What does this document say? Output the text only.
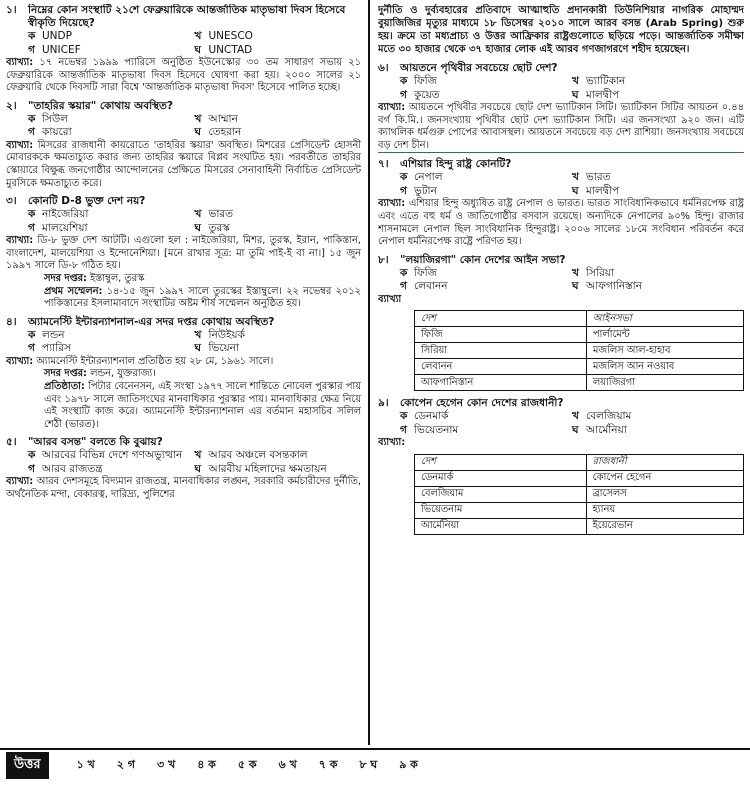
১।	নিম্নের কোন সংস্থাটি ২১শে ফেব্রুয়ারিকে আন্তর্জাতিক মাতৃভাষা দিবস হিসেবে স্বীকৃতি দিয়েছে?
ক UNDP	খ UNESCO
গ UNICEF	ঘ UNCTAD
ব্যাখ্যা: ১৭ নভেম্বর ১৯৯৯ প্যারিসে অনুষ্ঠিত ইউনেস্কোর ৩০ তম সাধারণ সভায় ২১ ফেব্রুয়ারিকে আন্তর্জাতিক মাতৃভাষা দিবস হিসেবে ঘোষণা করা হয়। ২০০০ সালের ২১ ফেব্রুয়ারি থেকে দিবসটি সারা বিশ্বে 'আন্তর্জাতিক মাতৃভাষা দিবস' হিসেবে পালিত হচ্ছে।
২।	"তাহরির স্কয়ার" কোথায় অবস্থিত?
ক সিউল	খ আম্মান
গ কায়রো	ঘ তেহরান
ব্যাখ্যা: মিসরের রাজধানী কায়রোতে 'তাহরির স্কয়ার' অবস্থিত। মিশরের প্রেসিডেন্ট হোসনী মোবারককে ক্ষমতাচ্যুত করার জন্য তাহরির স্কয়ারে বিপ্লব সংঘটিত হয়। পরবর্তীতে তাহরির স্কোয়ারে বিক্ষুব্ধ জনগোষ্ঠীর আন্দোলনের প্রেক্ষিতে মিসরের সেনাবাহিনী নির্বাচিত প্রেসিডেন্ট মুরসিকে ক্ষমতাচ্যুত করে।
৩।	কোনটি D-8 ভুক্ত দেশ নয়?
ক নাইজেরিয়া	খ ভারত
গ মালয়েশিয়া	ঘ তুরস্ক
ব্যাখ্যা: ডি-৮ ভুক্ত দেশ আটটি। এগুলো হল : নাইজেরিয়া, মিশর, তুরস্ক, ইরান, পাকিস্তান, বাংলাদেশ, মালয়েশিয়া ও ইন্দোনেশিয়া। [মনে রাখার সূত্র: মা তুমি পাই-ই বা না।] ১৫ জুন ১৯৯৭ সালে ডি-৮ গঠিত হয়।
সদর দপ্তর: ইস্তাম্বুল, তুরস্ক
প্রথম সম্মেলন: ১৪-১৫ জুন ১৯৯৭ সালে তুরস্কের ইস্তাম্বুলে। ২২ নভেম্বর ২০১২ পাকিস্তানের ইসলামাবাদে সংস্থাটির অষ্টম শীর্ষ সম্মেলন অনুষ্ঠিত হয়।
৪।	অ্যামনেস্টি ইন্টারন্যাশনাল-এর সদর দপ্তর কোথায় অবস্থিত?
ক লন্ডন	খ নিউইয়র্ক
গ প্যারিস	ঘ ভিয়েনা
ব্যাখ্যা: অ্যামনেস্টি ইন্টারন্যাশনাল প্রতিষ্ঠিত হয় ২৮ মে, ১৯৬১ সালে।
সদর দপ্তর: লন্ডন, যুক্তরাজ্য।
প্রতিষ্ঠাতা: পিটার বেনেনসন, এই সংস্থা ১৯৭৭ সালে শান্তিতে নোবেল পুরস্কার পায় এবং ১৯৭৮ সালে জাতিসংঘের মানবাধিকার পুরস্কার পায়। মানবাধিকার ক্ষেত্র নিয়ে এই সংস্থাটি কাজ করে। অ্যামনেস্টি ইন্টারন্যাশনাল এর বর্তমান মহাসচিব সলিল শেঠী (ভারত)।
৫।	"আরব বসন্ত" বলতে কি বুঝায়?
ক আরবের বিভিন্ন দেশে গণঅভ্যুত্থান	খ আরব অঞ্চলে বসন্তকাল
গ আরব রাজতন্ত্র	ঘ আরবীয় মহিলাদের ক্ষমতায়ন
ব্যাখ্যা: আরব দেশসমূহে বিদ্যমান রাজতন্ত্র, মানবাধিকার লঙ্ঘন, সরকারি কর্মচারীদের দুর্নীতি, অর্থনৈতিক মন্দা, বেকারত্ব, দারিদ্র্য, পুলিশের
দুর্নীতি ও দুর্ব্যবহারের প্রতিবাদে আত্মাহুতি প্রদানকারী তিউনিশিয়ার নাগরিক মোহাম্মদ বুয়াজিজির মৃত্যুর মাধ্যমে ১৮ ডিসেম্বর ২০১০ সালে আরব বসন্ত (Arab Spring) শুরু হয়। ক্রমে তা মধ্যপ্রাচ্য ও উত্তর আফ্রিকার রাষ্ট্রগুলোতে ছড়িয়ে পড়ে। আন্তর্জাতিক সমীক্ষা মতে ৩০ হাজার থেকে ৩৭ হাজার লোক এই আরব গণজাগরণে শহীদ হয়েছেন।
৬।	আয়তনে পৃথিবীর সবচেয়ে ছোট দেশ?
ক ফিজি	খ ভ্যাটিকান
গ কুয়েত	ঘ মালদ্বীপ
ব্যাখ্যা: আয়তনে পৃথিবীর সবচেয়ে ছোট দেশ ভ্যাটিকান সিটি। ভ্যাটিকান সিটির আয়তন ০.৪৪ বর্গ কি.মি.। জনসংখ্যায় পৃথিবীর ছোট দেশ ভ্যাটিকান সিটি। এর জনসংখ্যা ৯২০ জন। এটি ক্যাথলিক ধর্মগুরু পোপের আবাসস্থল। আয়তনে সবচেয়ে বড় দেশ রাশিয়া। জনসংখ্যায় সবচেয়ে বড় দেশ চীন।
৭।	এশিয়ার হিন্দু রাষ্ট্র কোনটি?
ক নেপাল	খ ভারত
গ ভুটান	ঘ মালদ্বীপ
ব্যাখ্যা: এশিয়ার হিন্দু অধ্যুষিত রাষ্ট্র নেপাল ও ভারত। ভারত সাংবিধানিকভাবে ধর্মনিরপেক্ষ রাষ্ট্র এবং এতে বহু ধর্ম ও জাতিগোষ্ঠীর বসবাস রয়েছে। অন্যদিকে নেপালের ৯০% হিন্দু। রাজার শাসনামলে নেপাল ছিল সাংবিধানিক হিন্দুরাষ্ট্র। ২০০৬ সালের ১৮মে সংবিধান পরিবর্তন করে নেপাল ধর্মনিরপেক্ষ রাষ্ট্রে পরিণত হয়।
৮।	"লয়াজিরগা" কোন দেশের আইন সভা?
ক ফিজি	খ সিরিয়া
গ লেবানন	ঘ আফগানিস্তান
ব্যাখ্যা
দেশ	আইনসভা
ফিজি	পার্লামেন্ট
সিরিয়া	মজলিস আল-হাহাব
লেবানন	মজলিস আন নওয়াব
আফগানিস্তান	লয়াজিরগা
৯।	কোপেন হেগেন কোন দেশের রাজধানী?
ক ডেনমার্ক	খ বেলজিয়াম
গ ভিয়েতনাম	ঘ আর্মেনিয়া
ব্যাখ্যা:
দেশ	রাজধানী
ডেনমার্ক	কোপেন হেগেন
বেলজিয়াম	ব্রাসেলস
ভিয়েতনাম	হ্যানয়
আর্মেনিয়া	ইয়েরেভান
উত্তর	১ খ ২ গ ৩ খ ৪ ক ৫ ক ৬ খ ৭ ক ৮ ঘ ৯ ক
